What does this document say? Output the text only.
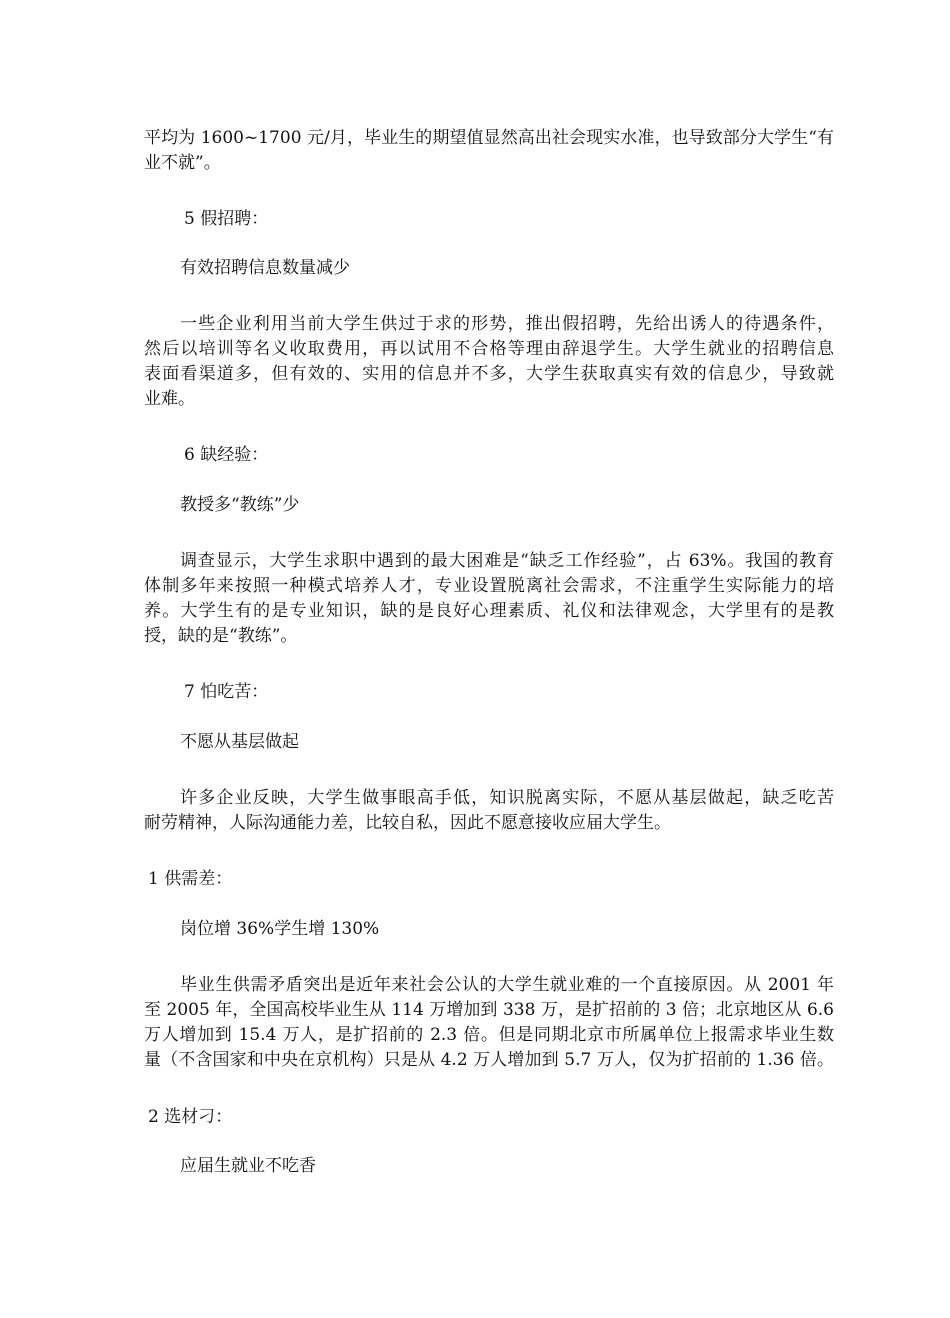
平均为 1600~1700 元/月，毕业生的期望值显然高出社会现实水准，也导致部分大学生“有

业不就”。

5 假招聘：

有效招聘信息数量减少

一些企业利用当前大学生供过于求的形势，推出假招聘，先给出诱人的待遇条件，

然后以培训等名义收取费用，再以试用不合格等理由辞退学生。大学生就业的招聘信息

表面看渠道多，但有效的、实用的信息并不多，大学生获取真实有效的信息少，导致就

业难。

6 缺经验：

教授多“教练”少

调查显示，大学生求职中遇到的最大困难是“缺乏工作经验”，占 63%。我国的教育

体制多年来按照一种模式培养人才，专业设置脱离社会需求，不注重学生实际能力的培

养。大学生有的是专业知识，缺的是良好心理素质、礼仪和法律观念，大学里有的是教

授，缺的是“教练”。

7 怕吃苦：

不愿从基层做起

许多企业反映，大学生做事眼高手低，知识脱离实际，不愿从基层做起，缺乏吃苦

耐劳精神，人际沟通能力差，比较自私，因此不愿意接收应届大学生。

1 供需差：

岗位增 36%学生增 130%

毕业生供需矛盾突出是近年来社会公认的大学生就业难的一个直接原因。从 2001 年

至 2005 年，全国高校毕业生从 114 万增加到 338 万，是扩招前的 3 倍；北京地区从 6.6

万人增加到 15.4 万人，是扩招前的 2.3 倍。但是同期北京市所属单位上报需求毕业生数

量（不含国家和中央在京机构）只是从 4.2 万人增加到 5.7 万人，仅为扩招前的 1.36 倍。

2 选材刁：

应届生就业不吃香
